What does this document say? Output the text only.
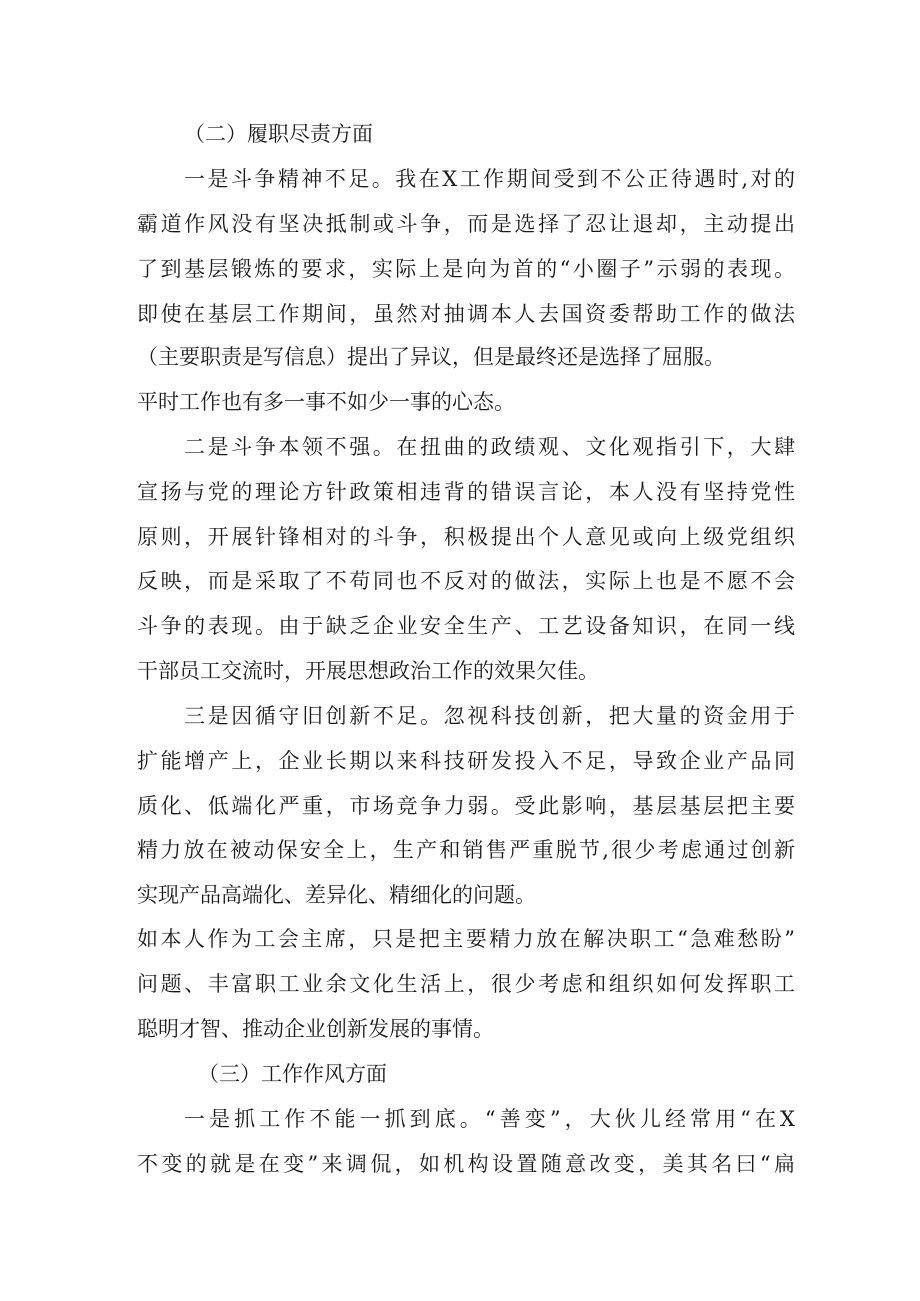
（二）履职尽责方面
一是斗争精神不足。我在X工作期间受到不公正待遇时,对的
霸道作风没有坚决抵制或斗争，而是选择了忍让退却，主动提出
了到基层锻炼的要求，实际上是向为首的“小圈子”示弱的表现。
即使在基层工作期间，虽然对抽调本人去国资委帮助工作的做法
（主要职责是写信息）提出了异议，但是最终还是选择了屈服。
平时工作也有多一事不如少一事的心态。
二是斗争本领不强。在扭曲的政绩观、文化观指引下，大肆
宣扬与党的理论方针政策相违背的错误言论，本人没有坚持党性
原则，开展针锋相对的斗争，积极提出个人意见或向上级党组织
反映，而是采取了不苟同也不反对的做法，实际上也是不愿不会
斗争的表现。由于缺乏企业安全生产、工艺设备知识，在同一线
干部员工交流时，开展思想政治工作的效果欠佳。
三是因循守旧创新不足。忽视科技创新，把大量的资金用于
扩能增产上，企业长期以来科技研发投入不足，导致企业产品同
质化、低端化严重，市场竞争力弱。受此影响，基层基层把主要
精力放在被动保安全上，生产和销售严重脱节,很少考虑通过创新
实现产品高端化、差异化、精细化的问题。
如本人作为工会主席，只是把主要精力放在解决职工“急难愁盼”
问题、丰富职工业余文化生活上，很少考虑和组织如何发挥职工
聪明才智、推动企业创新发展的事情。
（三）工作作风方面
一是抓工作不能一抓到底。“善变”，大伙儿经常用“在X
不变的就是在变”来调侃，如机构设置随意改变，美其名曰“扁
